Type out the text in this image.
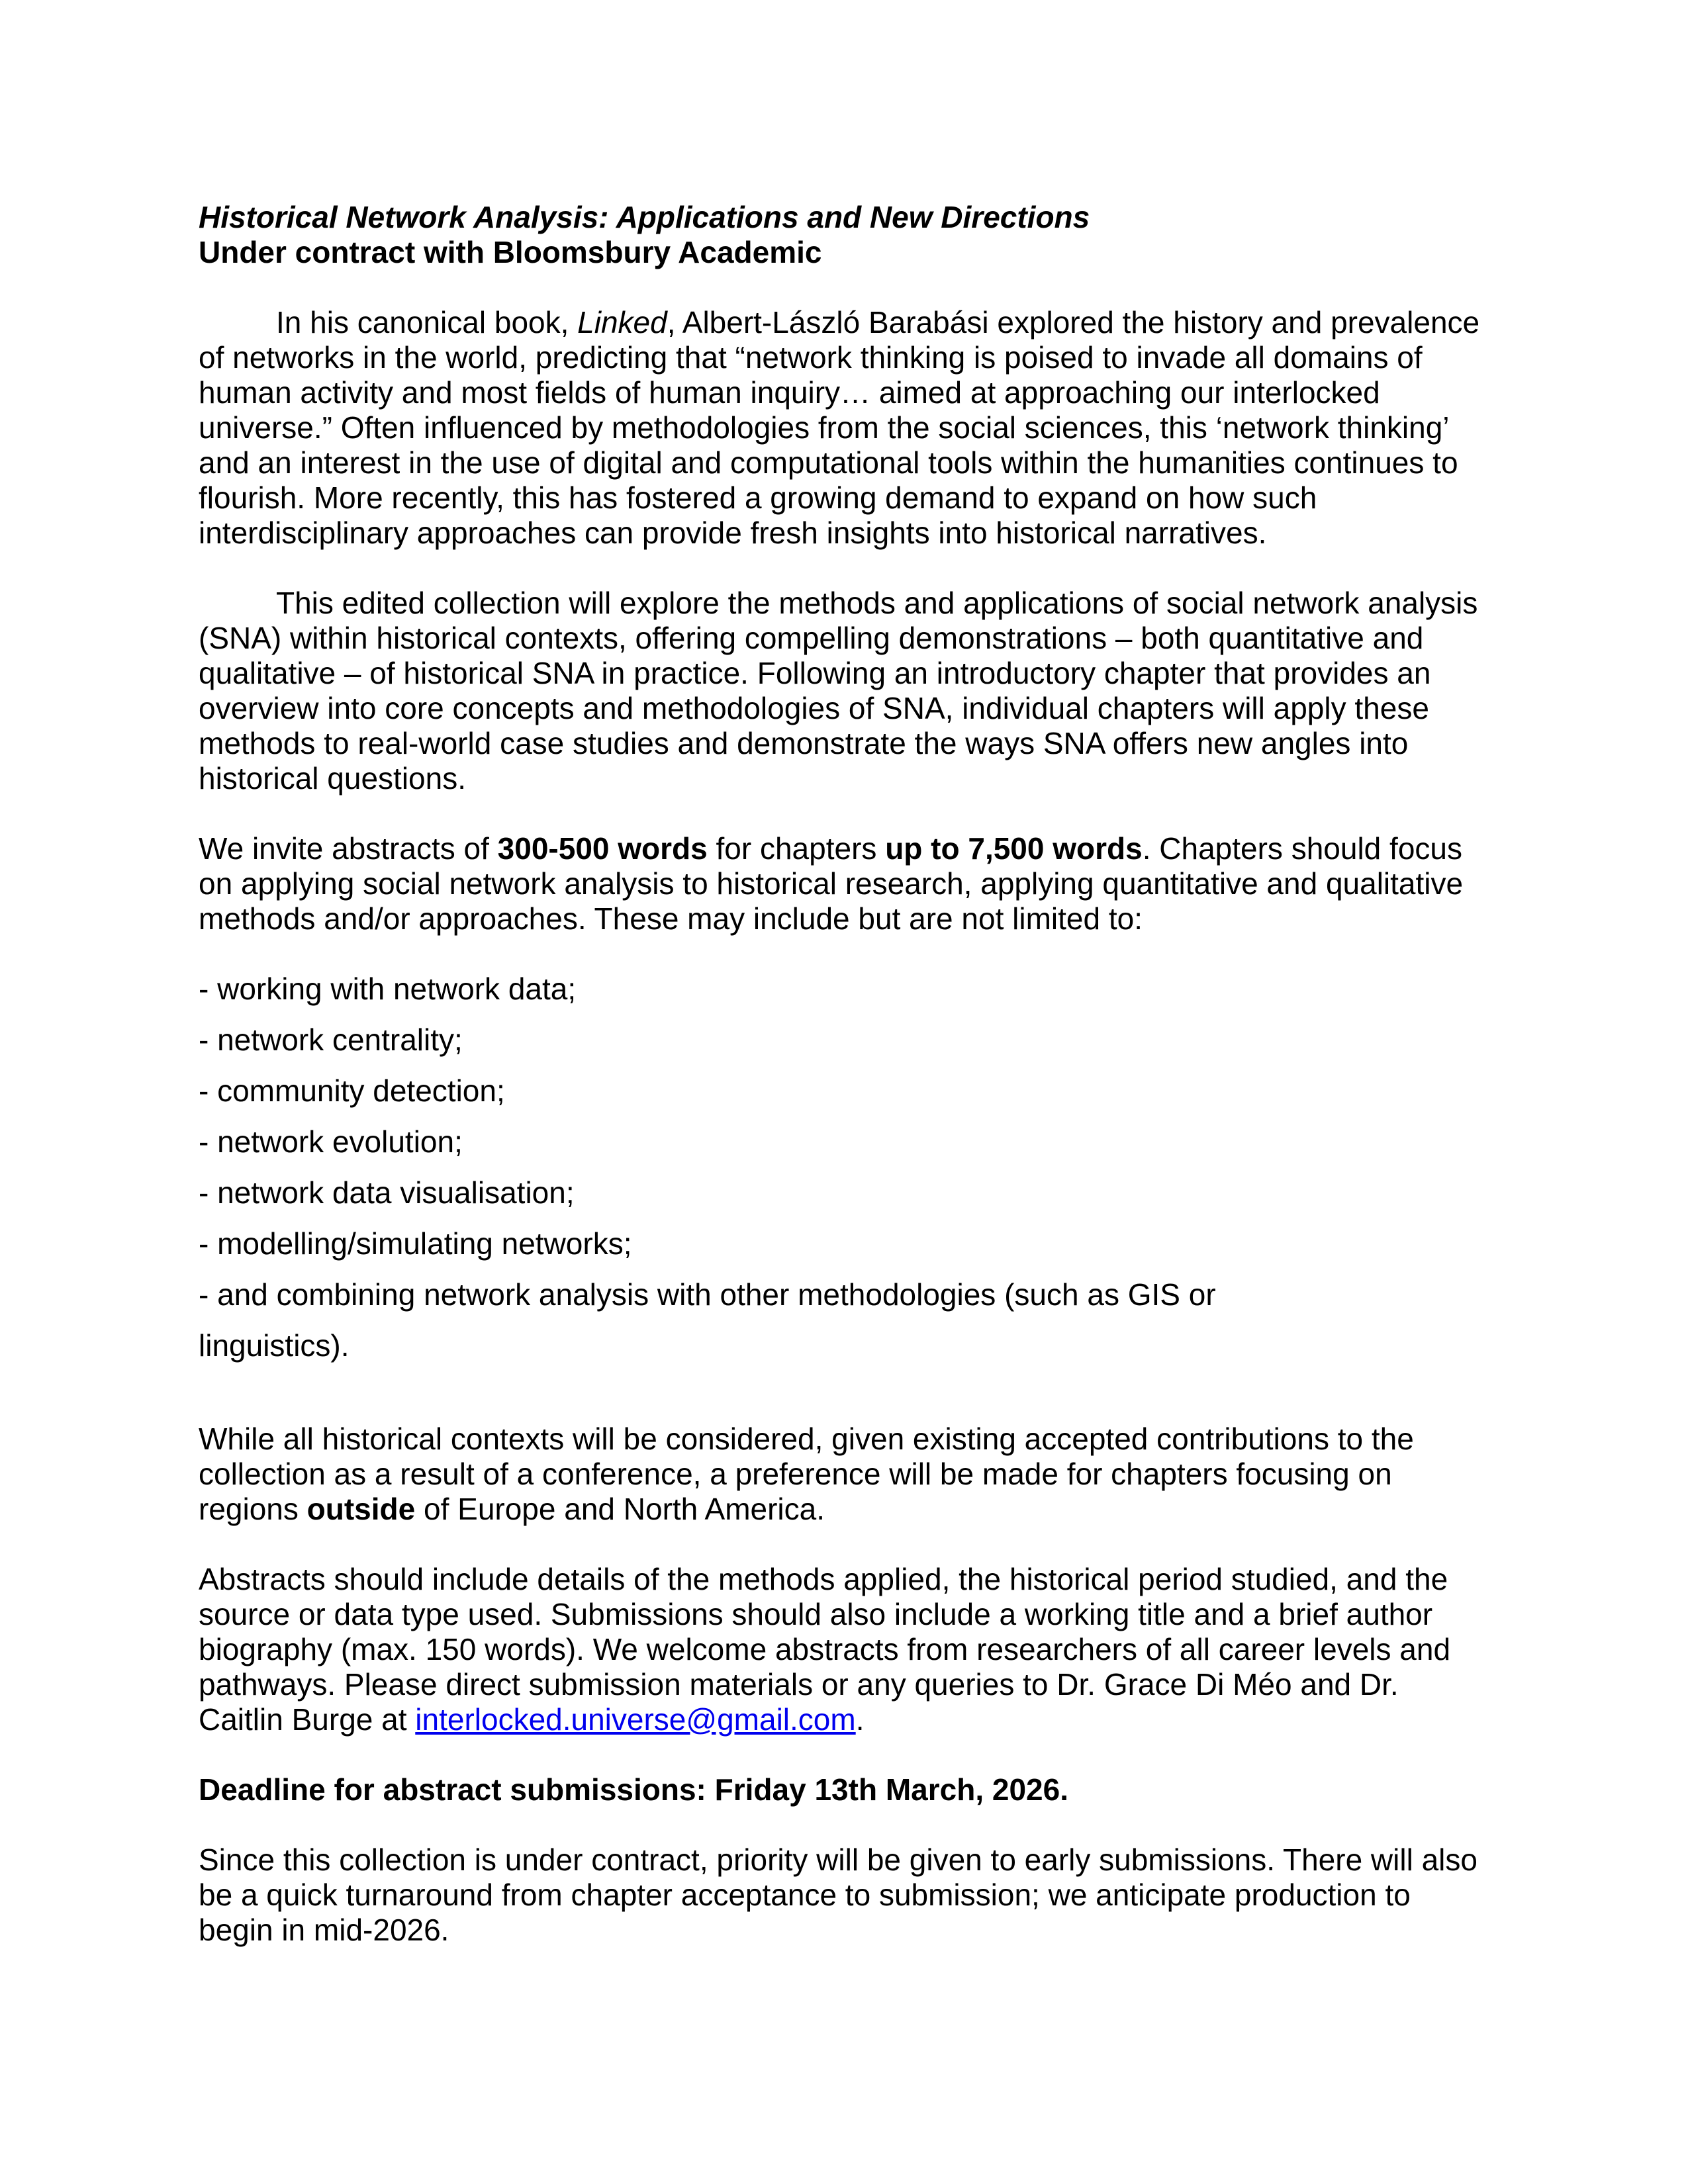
Historical Network Analysis: Applications and New Directions
Under contract with Bloomsbury Academic

In his canonical book, Linked, Albert-László Barabási explored the history and prevalence of networks in the world, predicting that “network thinking is poised to invade all domains of human activity and most fields of human inquiry… aimed at approaching our interlocked universe.” Often influenced by methodologies from the social sciences, this ‘network thinking’ and an interest in the use of digital and computational tools within the humanities continues to flourish. More recently, this has fostered a growing demand to expand on how such interdisciplinary approaches can provide fresh insights into historical narratives.

This edited collection will explore the methods and applications of social network analysis (SNA) within historical contexts, offering compelling demonstrations – both quantitative and qualitative – of historical SNA in practice. Following an introductory chapter that provides an overview into core concepts and methodologies of SNA, individual chapters will apply these methods to real-world case studies and demonstrate the ways SNA offers new angles into historical questions.

We invite abstracts of 300-500 words for chapters up to 7,500 words. Chapters should focus on applying social network analysis to historical research, applying quantitative and qualitative methods and/or approaches. These may include but are not limited to:

- working with network data;

- network centrality;

- community detection;

- network evolution;

- network data visualisation;

- modelling/simulating networks;

- and combining network analysis with other methodologies (such as GIS or

linguistics).

While all historical contexts will be considered, given existing accepted contributions to the collection as a result of a conference, a preference will be made for chapters focusing on regions outside of Europe and North America.

Abstracts should include details of the methods applied, the historical period studied, and the source or data type used. Submissions should also include a working title and a brief author biography (max. 150 words). We welcome abstracts from researchers of all career levels and pathways. Please direct submission materials or any queries to Dr. Grace Di Méo and Dr. Caitlin Burge at interlocked.universe@gmail.com.

Deadline for abstract submissions: Friday 13th March, 2026.

Since this collection is under contract, priority will be given to early submissions. There will also be a quick turnaround from chapter acceptance to submission; we anticipate production to begin in mid-2026.
